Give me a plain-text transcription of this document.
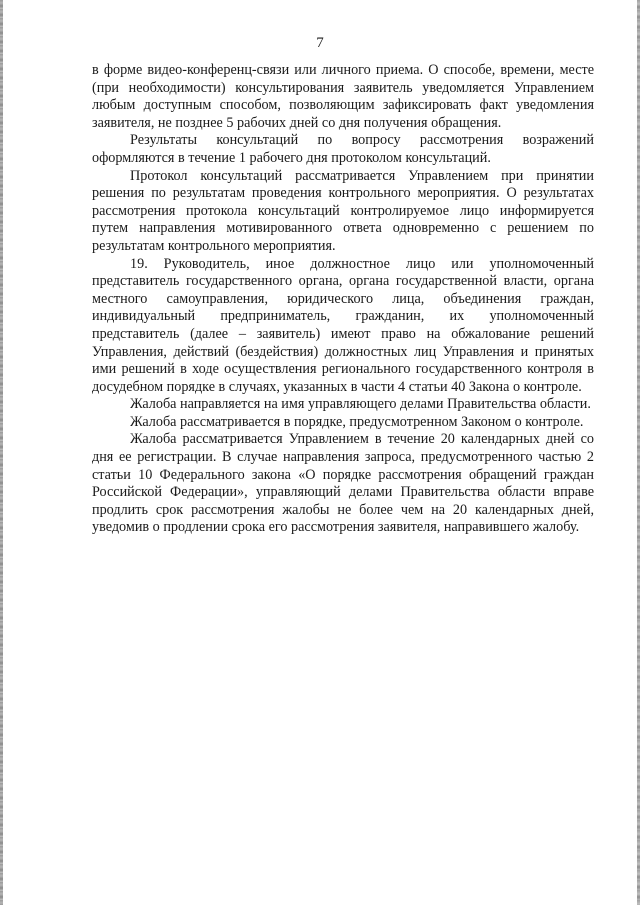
7

в форме видео-конференц-связи или личного приема. О способе, времени, месте (при необходимости) консультирования заявитель уведомляется Управлением любым доступным способом, позволяющим зафиксировать факт уведомления заявителя, не позднее 5 рабочих дней со дня получения обращения.

Результаты консультаций по вопросу рассмотрения возражений оформляются в течение 1 рабочего дня протоколом консультаций.

Протокол консультаций рассматривается Управлением при принятии решения по результатам проведения контрольного мероприятия. О результатах рассмотрения протокола консультаций контролируемое лицо информируется путем направления мотивированного ответа одновременно с решением по результатам контрольного мероприятия.

19. Руководитель, иное должностное лицо или уполномоченный представитель государственного органа, органа государственной власти, органа местного самоуправления, юридического лица, объединения граждан, индивидуальный предприниматель, гражданин, их уполномоченный представитель (далее – заявитель) имеют право на обжалование решений Управления, действий (бездействия) должностных лиц Управления и принятых ими решений в ходе осуществления регионального государственного контроля в досудебном порядке в случаях, указанных в части 4 статьи 40 Закона о контроле.

Жалоба направляется на имя управляющего делами Правительства области.

Жалоба рассматривается в порядке, предусмотренном Законом о контроле.

Жалоба рассматривается Управлением в течение 20 календарных дней со дня ее регистрации. В случае направления запроса, предусмотренного частью 2 статьи 10 Федерального закона «О порядке рассмотрения обращений граждан Российской Федерации», управляющий делами Правительства области вправе продлить срок рассмотрения жалобы не более чем на 20 календарных дней, уведомив о продлении срока его рассмотрения заявителя, направившего жалобу.
